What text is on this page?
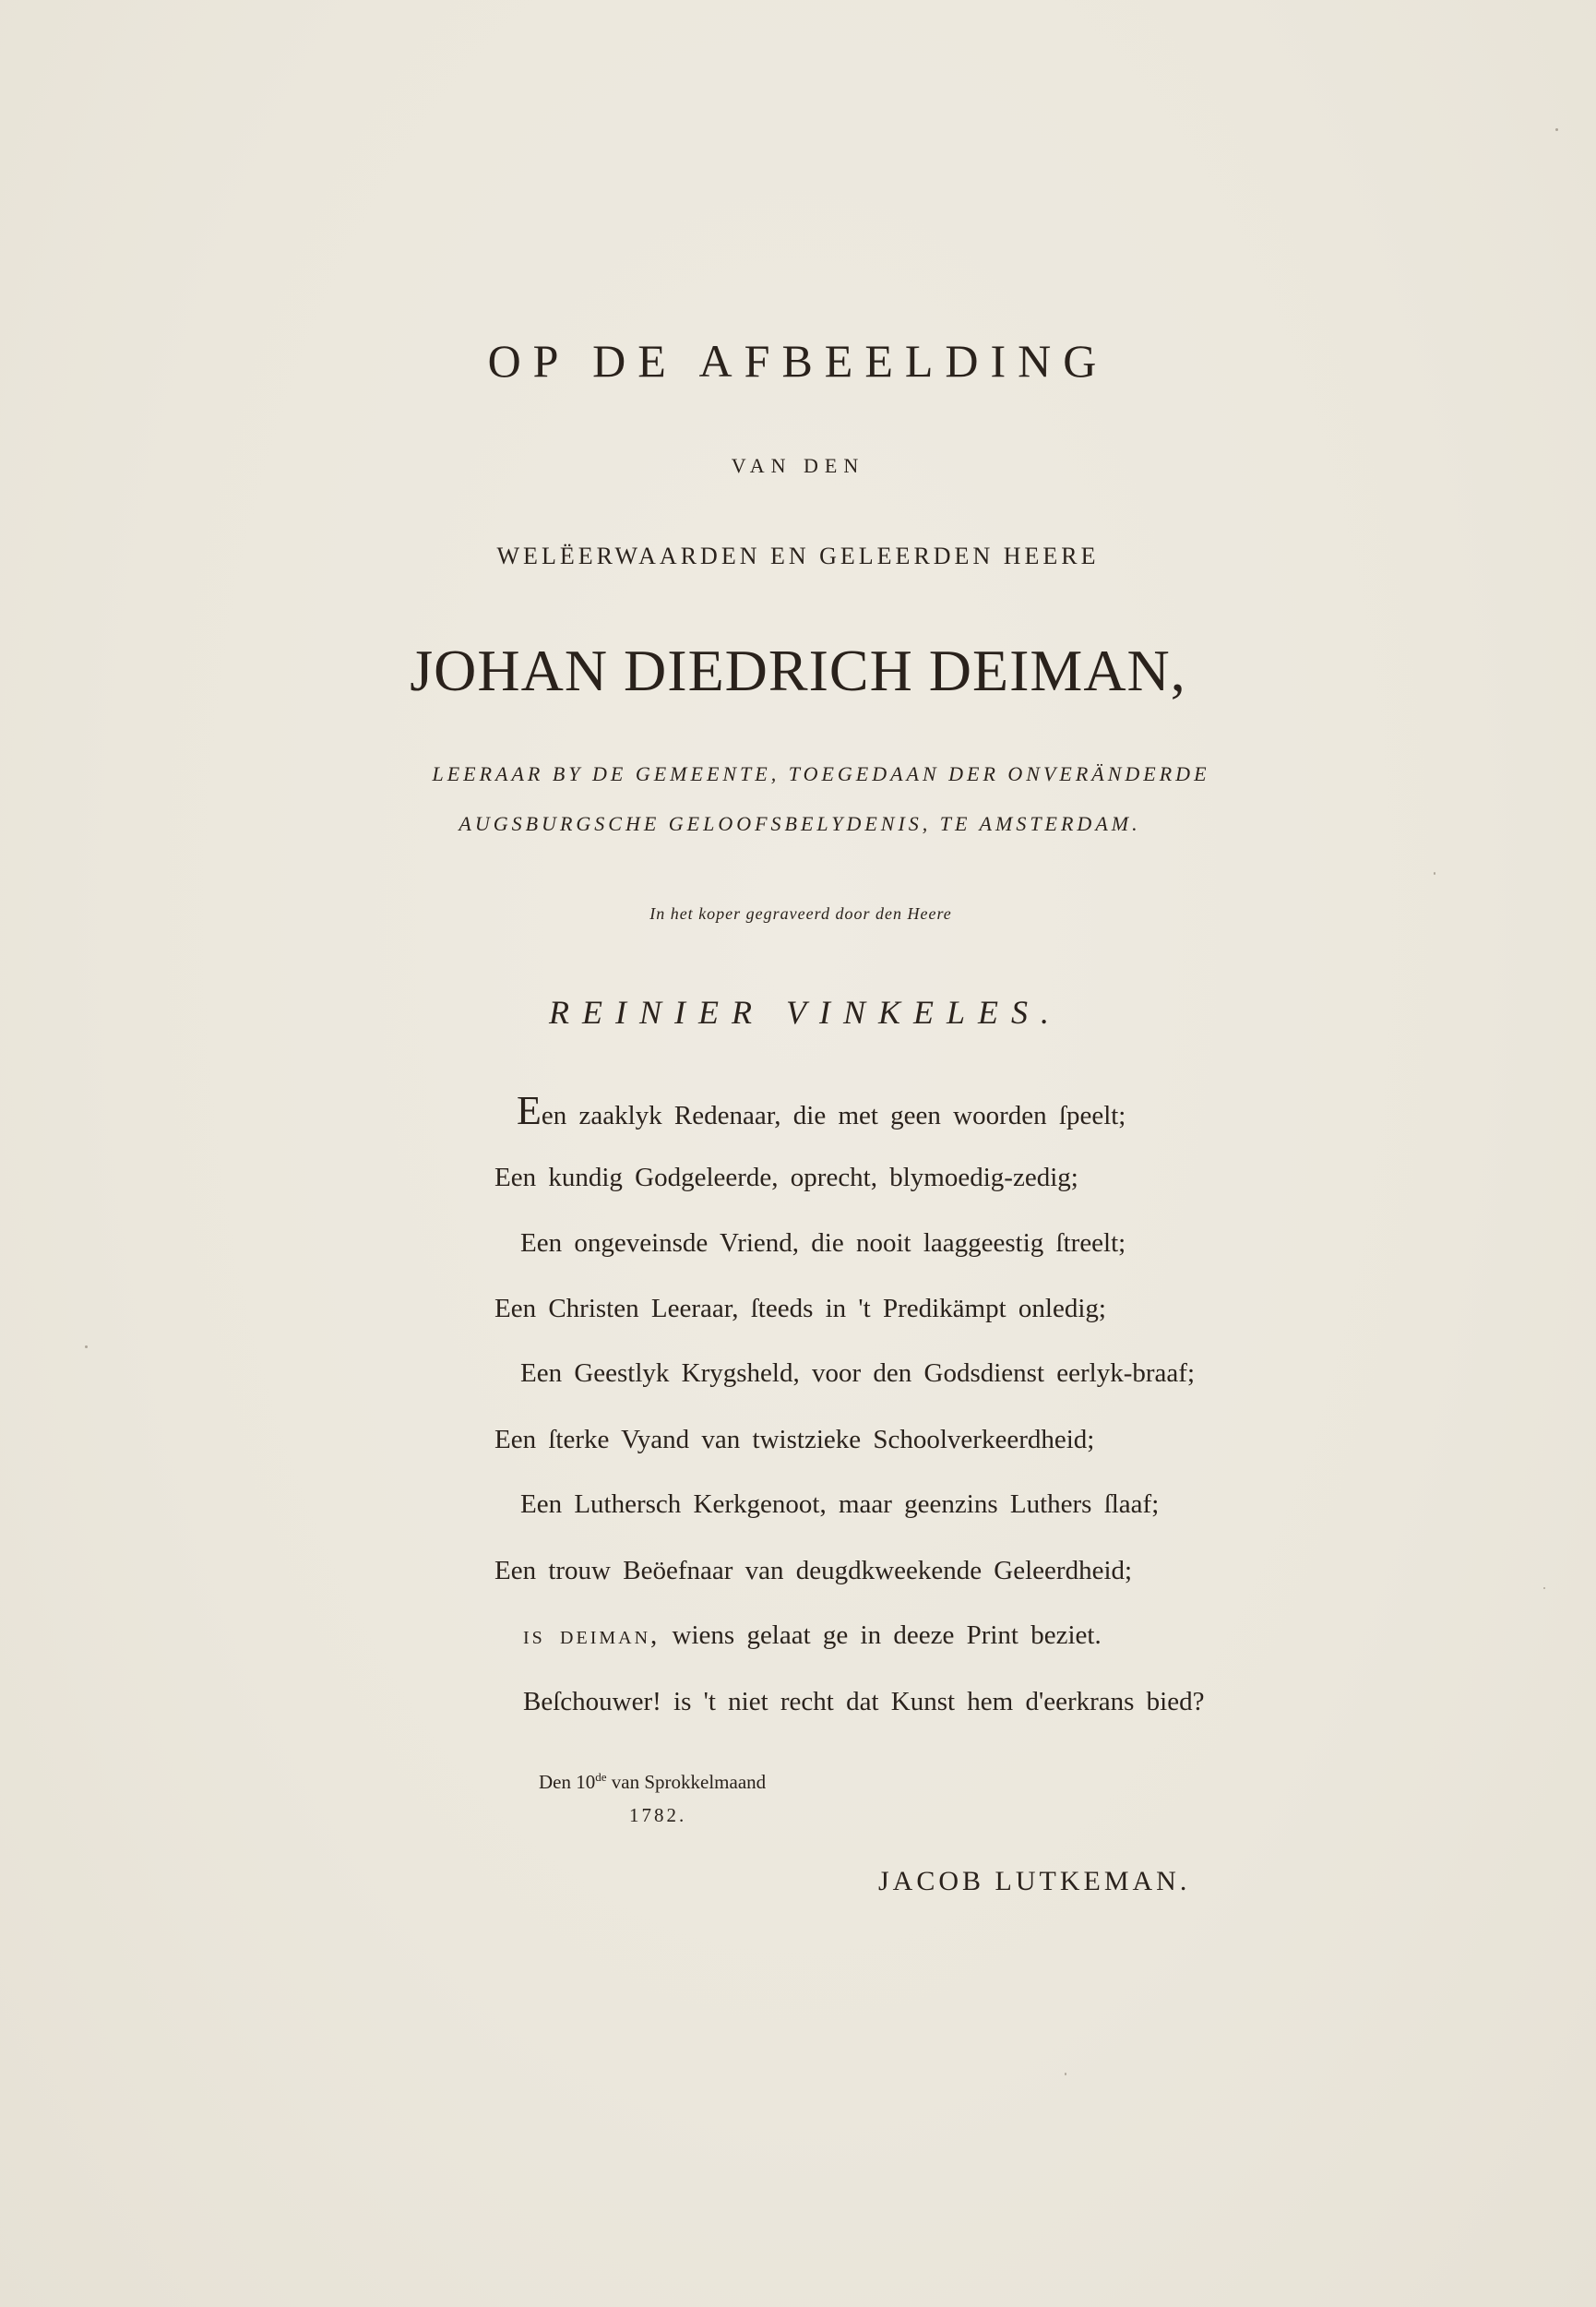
OP DE AFBEELDING
VAN DEN
WELËERWAARDEN EN GELEERDEN HEERE
JOHAN DIEDRICH DEIMAN,
LEERAAR BY DE GEMEENTE, TOEGEDAAN DER ONVERÄNDERDE
AUGSBURGSCHE GELOOFSBELYDENIS, TE AMSTERDAM.
In het koper gegraveerd door den Heere
REINIER VINKELES.
Een zaaklyk Redenaar, die met geen woorden ſpeelt;
Een kundig Godgeleerde, oprecht, blymoedig-zedig;
Een ongeveinsde Vriend, die nooit laaggeestig ſtreelt;
Een Christen Leeraar, ſteeds in 't Predikämpt onledig;
Een Geestlyk Krygsheld, voor den Godsdienst eerlyk-braaf;
Een ſterke Vyand van twistzieke Schoolverkeerdheid;
Een Luthersch Kerkgenoot, maar geenzins Luthers ſlaaf;
Een trouw Beöefnaar van deugdkweekende Geleerdheid;
is deiman, wiens gelaat ge in deeze Print beziet.
Beſchouwer! is 't niet recht dat Kunst hem d'eerkrans bied?
Den 10de van Sprokkelmaand
1782.
JACOB LUTKEMAN.
